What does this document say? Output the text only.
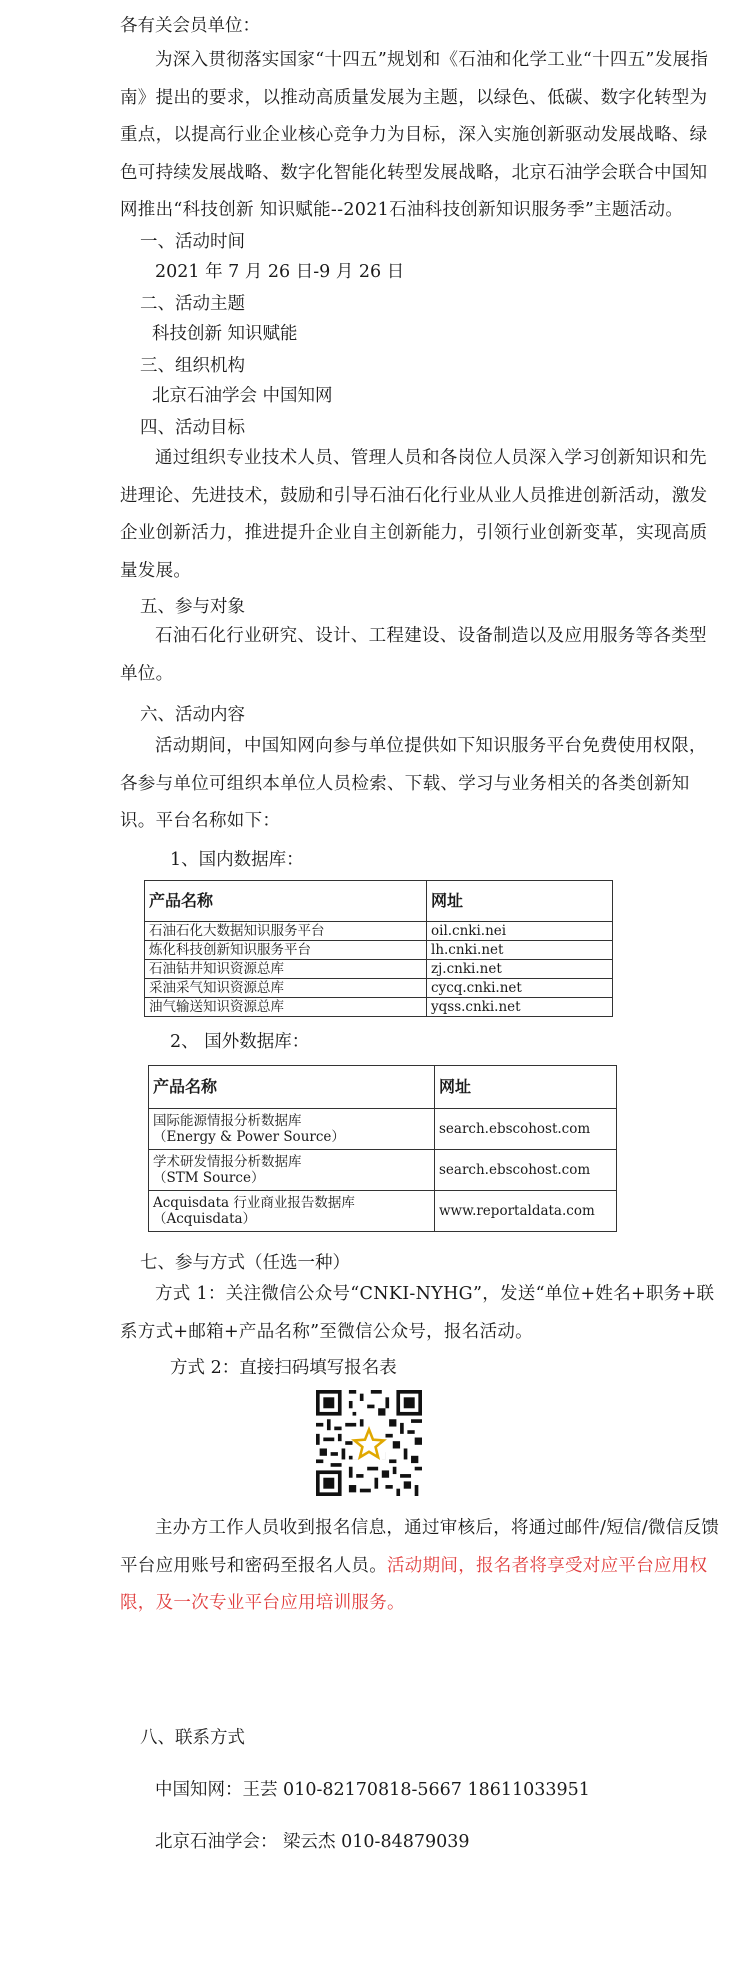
各有关会员单位：

为深入贯彻落实国家“十四五”规划和《石油和化学工业“十四五”发展指南》提出的要求，以推动高质量发展为主题，以绿色、低碳、数字化转型为重点，以提高行业企业核心竞争力为目标，深入实施创新驱动发展战略、绿色可持续发展战略、数字化智能化转型发展战略，北京石油学会联合中国知网推出“科技创新 知识赋能--2021石油科技创新知识服务季”主题活动。

一、活动时间

2021 年 7 月 26 日-9 月 26 日

二、活动主题

科技创新 知识赋能

三、组织机构

北京石油学会 中国知网

四、活动目标

通过组织专业技术人员、管理人员和各岗位人员深入学习创新知识和先进理论、先进技术，鼓励和引导石油石化行业从业人员推进创新活动，激发企业创新活力，推进提升企业自主创新能力，引领行业创新变革，实现高质量发展。

五、参与对象

石油石化行业研究、设计、工程建设、设备制造以及应用服务等各类型单位。

六、活动内容

活动期间，中国知网向参与单位提供如下知识服务平台免费使用权限，各参与单位可组织本单位人员检索、下载、学习与业务相关的各类创新知识。平台名称如下：

1、国内数据库：

产品名称	网址
石油石化大数据知识服务平台	oil.cnki.nei
炼化科技创新知识服务平台	lh.cnki.net
石油钻井知识资源总库	zj.cnki.net
采油采气知识资源总库	cycq.cnki.net
油气输送知识资源总库	yqss.cnki.net

2、 国外数据库：

产品名称	网址

国际能源情报分析数据库
（Energy & Power Source）	search.ebscohost.com

学术研发情报分析数据库
（STM Source）	search.ebscohost.com

Acquisdata 行业商业报告数据库
（Acquisdata）	www.reportaldata.com

七、参与方式（任选一种）

方式 1：关注微信公众号“CNKI-NYHG”，发送“单位+姓名+职务+联系方式+邮箱+产品名称”至微信公众号，报名活动。

方式 2：直接扫码填写报名表

主办方工作人员收到报名信息，通过审核后，将通过邮件/短信/微信反馈平台应用账号和密码至报名人员。活动期间，报名者将享受对应平台应用权限，及一次专业平台应用培训服务。

八、联系方式

中国知网：王芸 010-82170818-5667 18611033951

北京石油学会： 梁云杰 010-84879039
